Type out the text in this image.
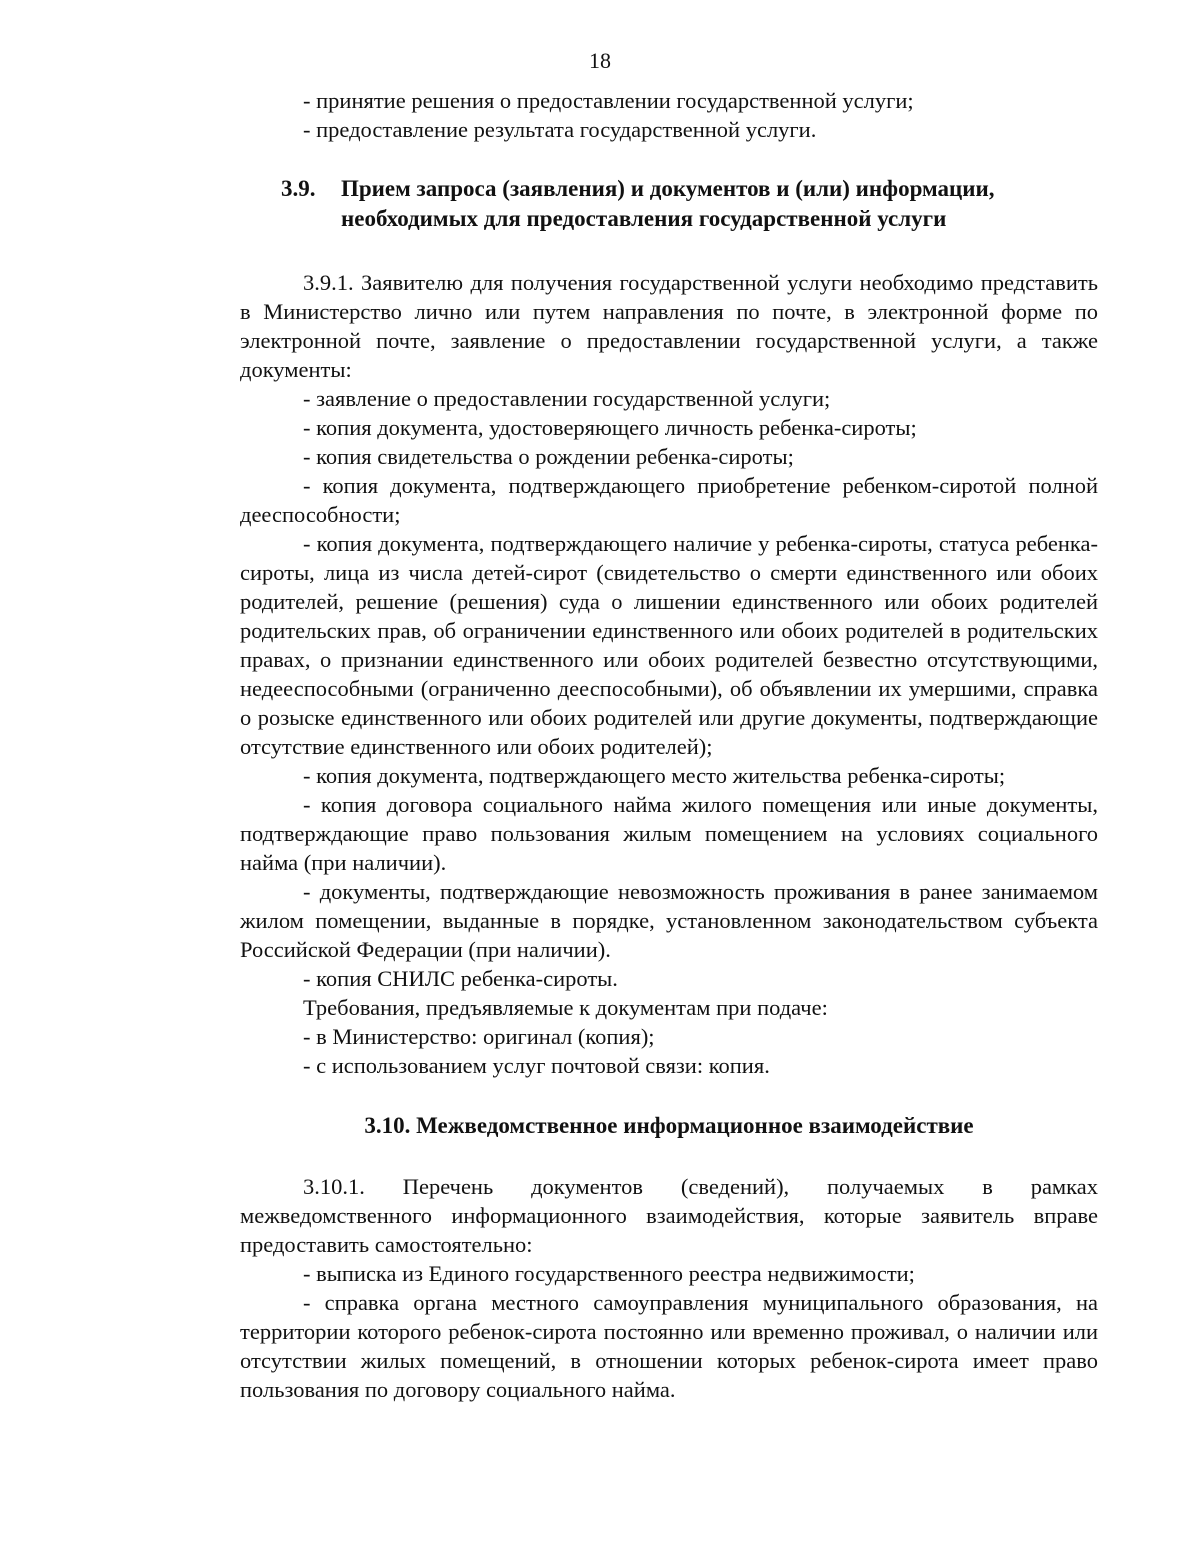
18

- принятие решения о предоставлении государственной услуги;

- предоставление результата государственной услуги.

3.9. Прием запроса (заявления) и документов и (или) информации, необходимых для предоставления государственной услуги

3.9.1. Заявителю для получения государственной услуги необходимо представить в Министерство лично или путем направления по почте, в электронной форме по электронной почте, заявление о предоставлении государственной услуги, а также документы:

- заявление о предоставлении государственной услуги;

- копия документа, удостоверяющего личность ребенка-сироты;

- копия свидетельства о рождении ребенка-сироты;

- копия документа, подтверждающего приобретение ребенком-сиротой полной дееспособности;

- копия документа, подтверждающего наличие у ребенка-сироты, статуса ребенка-сироты, лица из числа детей-сирот (свидетельство о смерти единственного или обоих родителей, решение (решения) суда о лишении единственного или обоих родителей родительских прав, об ограничении единственного или обоих родителей в родительских правах, о признании единственного или обоих родителей безвестно отсутствующими, недееспособными (ограниченно дееспособными), об объявлении их умершими, справка о розыске единственного или обоих родителей или другие документы, подтверждающие отсутствие единственного или обоих родителей);

- копия документа, подтверждающего место жительства ребенка-сироты;

- копия договора социального найма жилого помещения или иные документы, подтверждающие право пользования жилым помещением на условиях социального найма (при наличии).

- документы, подтверждающие невозможность проживания в ранее занимаемом жилом помещении, выданные в порядке, установленном законодательством субъекта Российской Федерации (при наличии).

- копия СНИЛС ребенка-сироты.

Требования, предъявляемые к документам при подаче:

- в Министерство: оригинал (копия);

- с использованием услуг почтовой связи: копия.

3.10. Межведомственное информационное взаимодействие

3.10.1. Перечень документов (сведений), получаемых в рамках межведомственного информационного взаимодействия, которые заявитель вправе предоставить самостоятельно:

- выписка из Единого государственного реестра недвижимости;

- справка органа местного самоуправления муниципального образования, на территории которого ребенок-сирота постоянно или временно проживал, о наличии или отсутствии жилых помещений, в отношении которых ребенок-сирота имеет право пользования по договору социального найма.
